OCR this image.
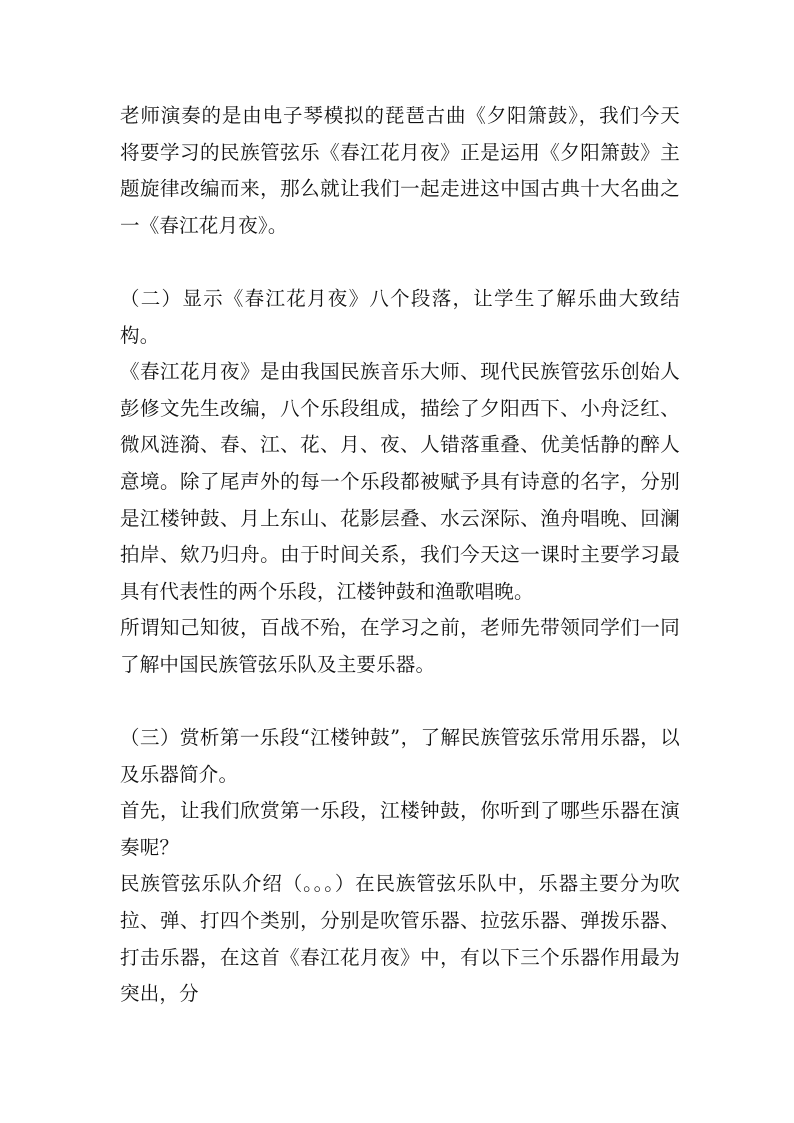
老师演奏的是由电子琴模拟的琵琶古曲《夕阳箫鼓》，我们今天将要学习的民族管弦乐《春江花月夜》正是运用《夕阳箫鼓》主题旋律改编而来，那么就让我们一起走进这中国古典十大名曲之一《春江花月夜》。

（二）显示《春江花月夜》八个段落，让学生了解乐曲大致结构。

《春江花月夜》是由我国民族音乐大师、现代民族管弦乐创始人彭修文先生改编，八个乐段组成，描绘了夕阳西下、小舟泛红、微风涟漪、春、江、花、月、夜、人错落重叠、优美恬静的醉人意境。除了尾声外的每一个乐段都被赋予具有诗意的名字，分别是江楼钟鼓、月上东山、花影层叠、水云深际、渔舟唱晚、回澜拍岸、欸乃归舟。由于时间关系，我们今天这一课时主要学习最具有代表性的两个乐段，江楼钟鼓和渔歌唱晚。

所谓知己知彼，百战不殆，在学习之前，老师先带领同学们一同了解中国民族管弦乐队及主要乐器。

（三）赏析第一乐段“江楼钟鼓”，了解民族管弦乐常用乐器，以及乐器简介。

首先，让我们欣赏第一乐段，江楼钟鼓，你听到了哪些乐器在演奏呢？

民族管弦乐队介绍（。。。）在民族管弦乐队中，乐器主要分为吹拉、弹、打四个类别，分别是吹管乐器、拉弦乐器、弹拨乐器、打击乐器，在这首《春江花月夜》中，有以下三个乐器作用最为突出，分
